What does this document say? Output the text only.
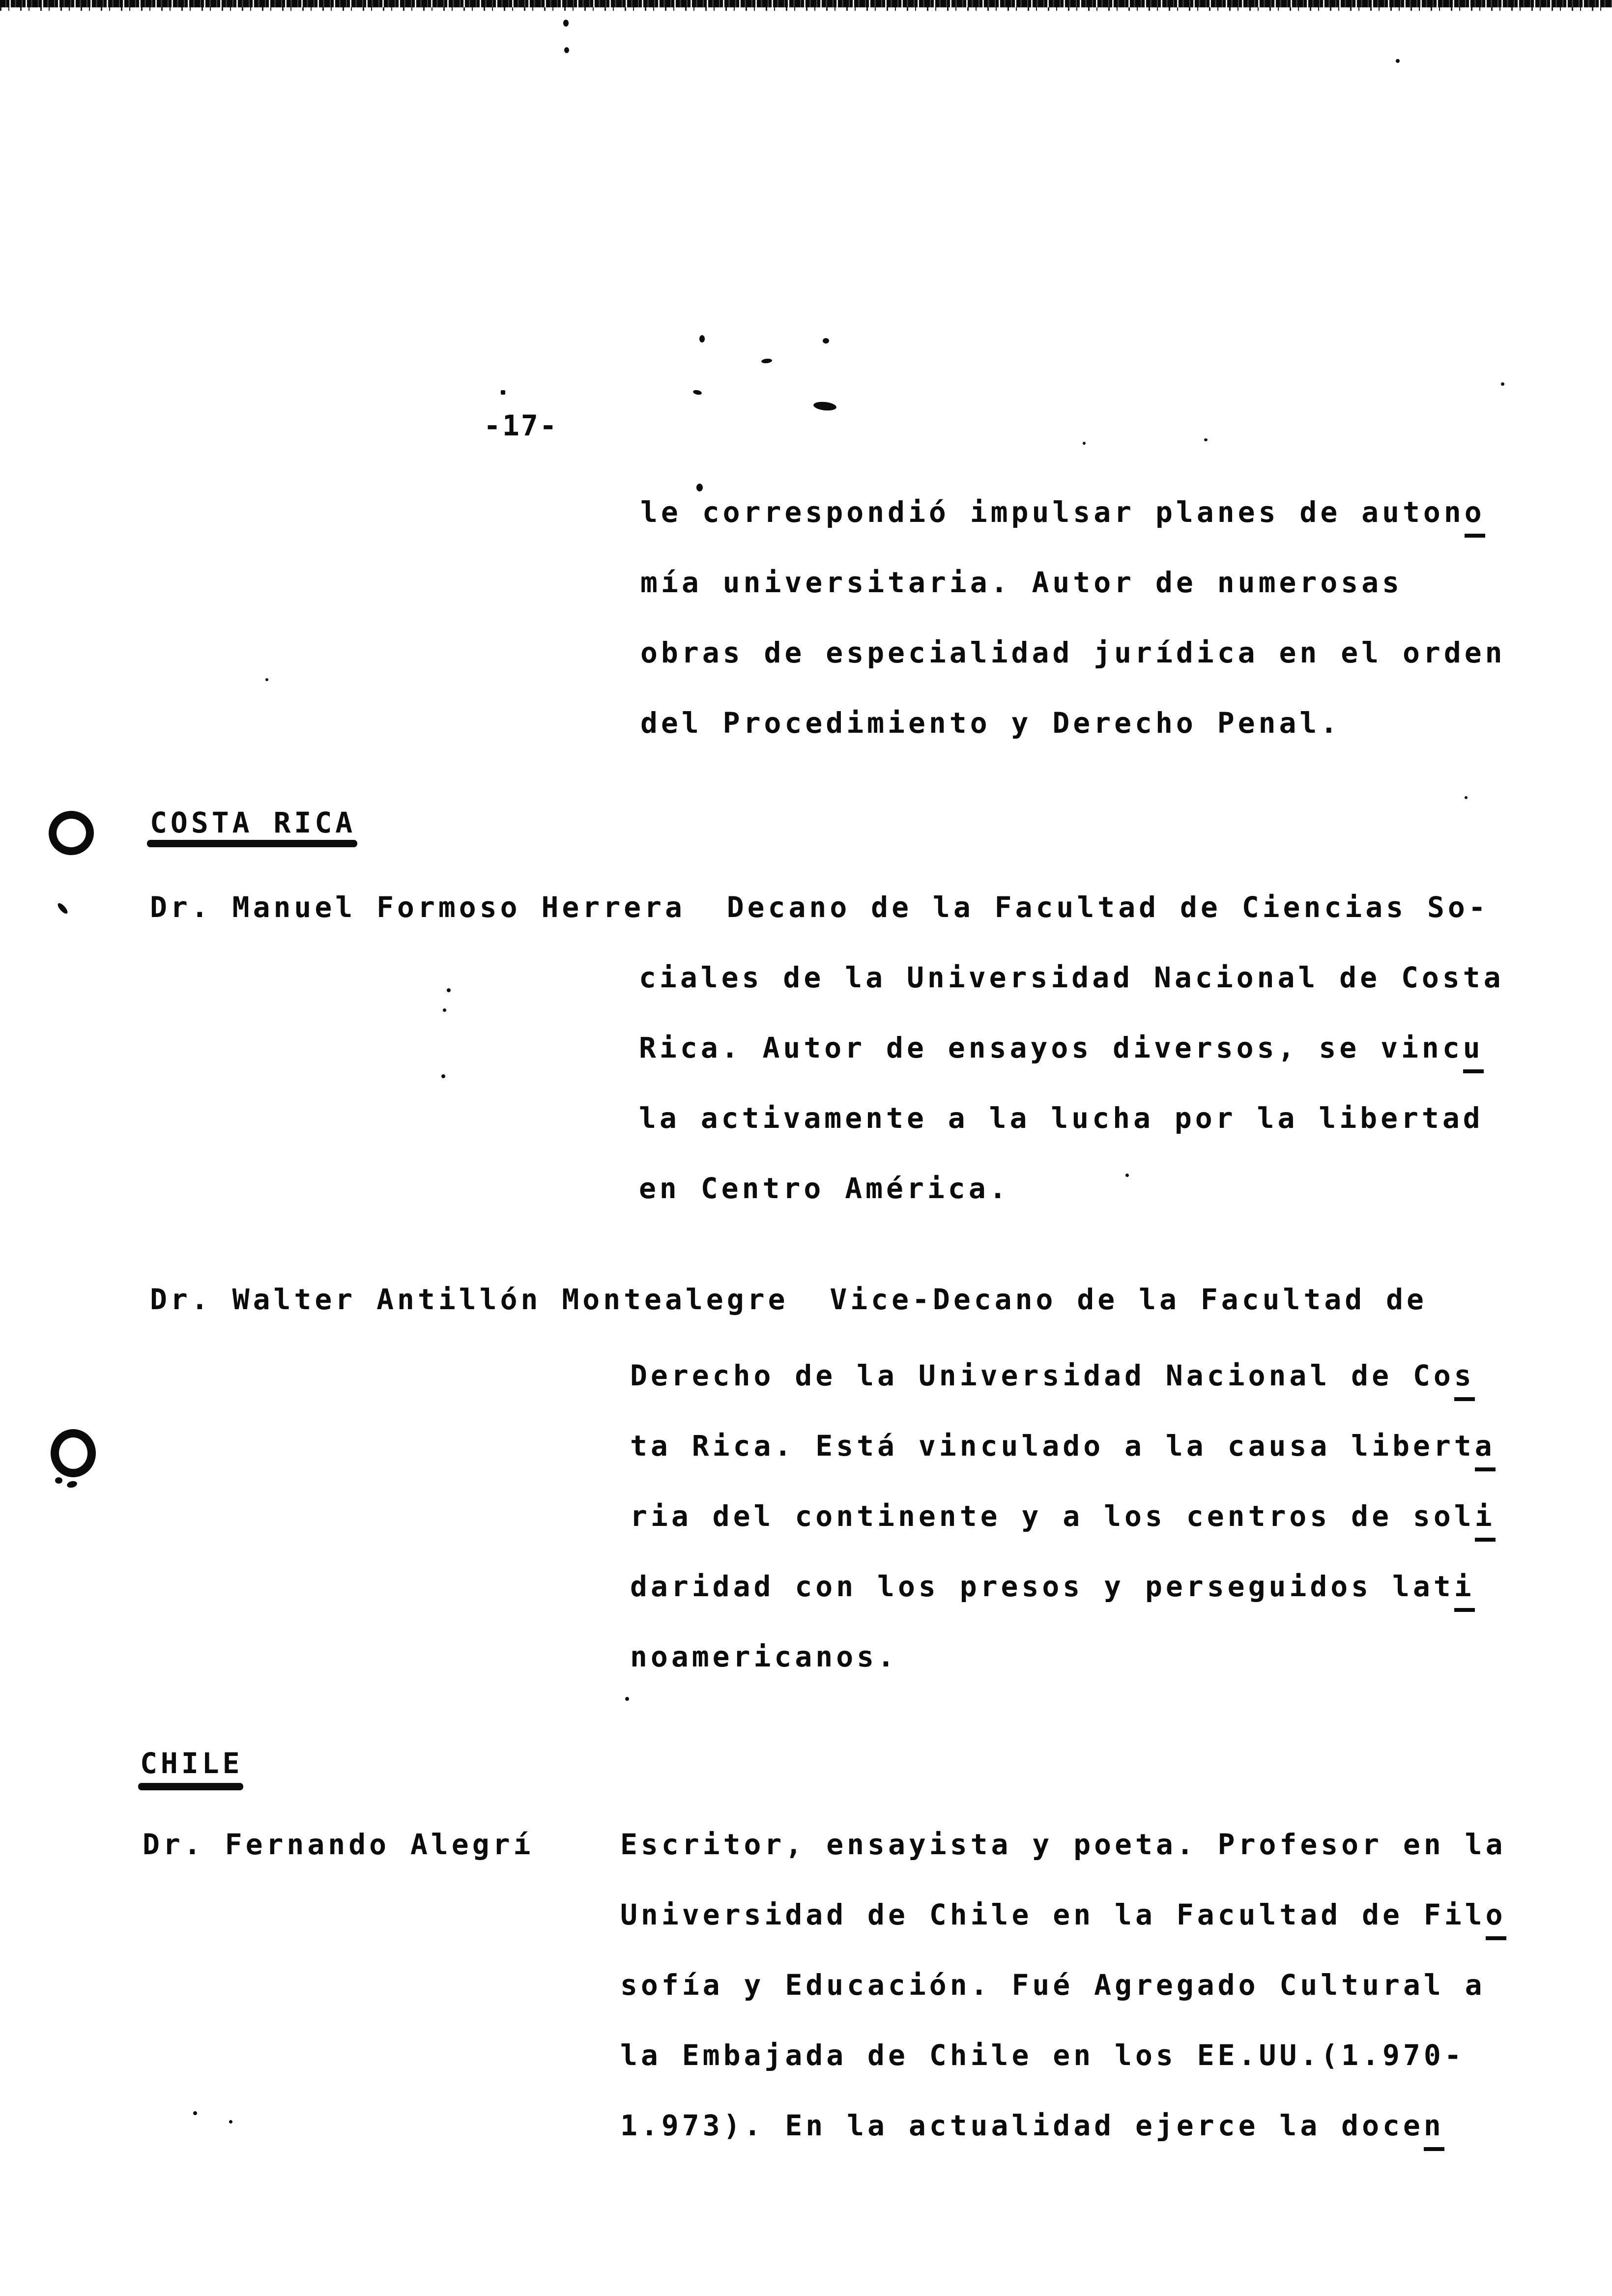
-17-
le correspondió impulsar planes de autono
mía universitaria. Autor de numerosas
obras de especialidad jurídica en el orden
del Procedimiento y Derecho Penal.
COSTA RICA
Dr. Manuel Formoso Herrera  Decano de la Facultad de Ciencias So-
ciales de la Universidad Nacional de Costa
Rica. Autor de ensayos diversos, se vincu
la activamente a la lucha por la libertad
en Centro América.
Dr. Walter Antillón Montealegre  Vice-Decano de la Facultad de
Derecho de la Universidad Nacional de Cos
ta Rica. Está vinculado a la causa liberta
ria del continente y a los centros de soli
daridad con los presos y perseguidos lati
noamericanos.
CHILE
Dr. Fernando Alegrí	Escritor, ensayista y poeta. Profesor en la
Universidad de Chile en la Facultad de Filo
sofía y Educación. Fué Agregado Cultural a
la Embajada de Chile en los EE.UU.(1.970-
1.973). En la actualidad ejerce la docen
